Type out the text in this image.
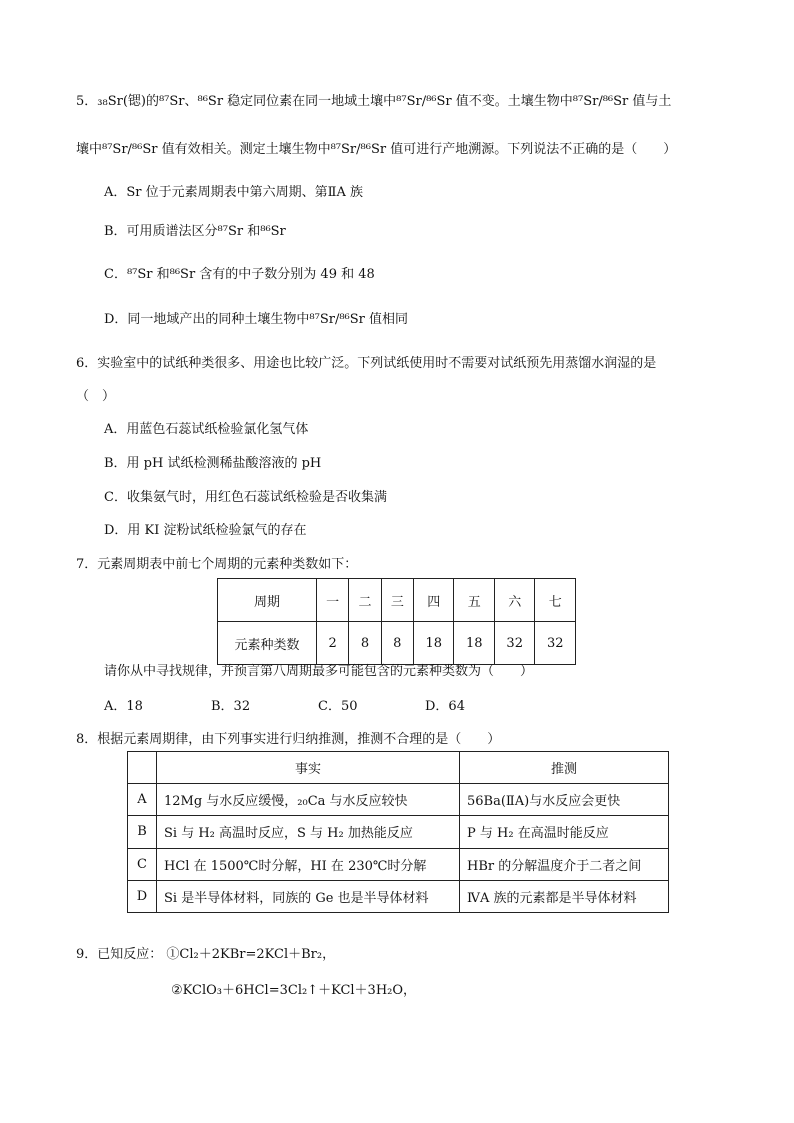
5．₃₈Sr(锶)的⁸⁷Sr、⁸⁶Sr 稳定同位素在同一地域土壤中⁸⁷Sr/⁸⁶Sr 值不变。土壤生物中⁸⁷Sr/⁸⁶Sr 值与土
壤中⁸⁷Sr/⁸⁶Sr 值有效相关。测定土壤生物中⁸⁷Sr/⁸⁶Sr 值可进行产地溯源。下列说法不正确的是（　　）
A．Sr 位于元素周期表中第六周期、第ⅡA 族
B．可用质谱法区分⁸⁷Sr 和⁸⁶Sr
C．⁸⁷Sr 和⁸⁶Sr 含有的中子数分别为 49 和 48
D．同一地域产出的同种土壤生物中⁸⁷Sr/⁸⁶Sr 值相同
6．实验室中的试纸种类很多、用途也比较广泛。下列试纸使用时不需要对试纸预先用蒸馏水润湿的是
（　）
A．用蓝色石蕊试纸检验氯化氢气体
B．用 pH 试纸检测稀盐酸溶液的 pH
C．收集氨气时，用红色石蕊试纸检验是否收集满
D．用 KI 淀粉试纸检验氯气的存在
7．元素周期表中前七个周期的元素种类数如下：
周期	一	二	三	四	五	六	七
元素种类数	2	8	8	18	18	32	32
请你从中寻找规律，并预言第八周期最多可能包含的元素种类数为（　　）
A．18	B．32	C．50	D．64
8．根据元素周期律，由下列事实进行归纳推测，推测不合理的是（　　）
	事实	推测
A	12Mg 与水反应缓慢，₂₀Ca 与水反应较快	56Ba(ⅡA)与水反应会更快
B	Si 与 H₂ 高温时反应，S 与 H₂ 加热能反应	P 与 H₂ 在高温时能反应
C	HCl 在 1500℃时分解，HI 在 230℃时分解	HBr 的分解温度介于二者之间
D	Si 是半导体材料，同族的 Ge 也是半导体材料	ⅣA 族的元素都是半导体材料
9．已知反应： ①Cl₂＋2KBr=2KCl＋Br₂，
②KClO₃＋6HCl=3Cl₂↑＋KCl＋3H₂O，
